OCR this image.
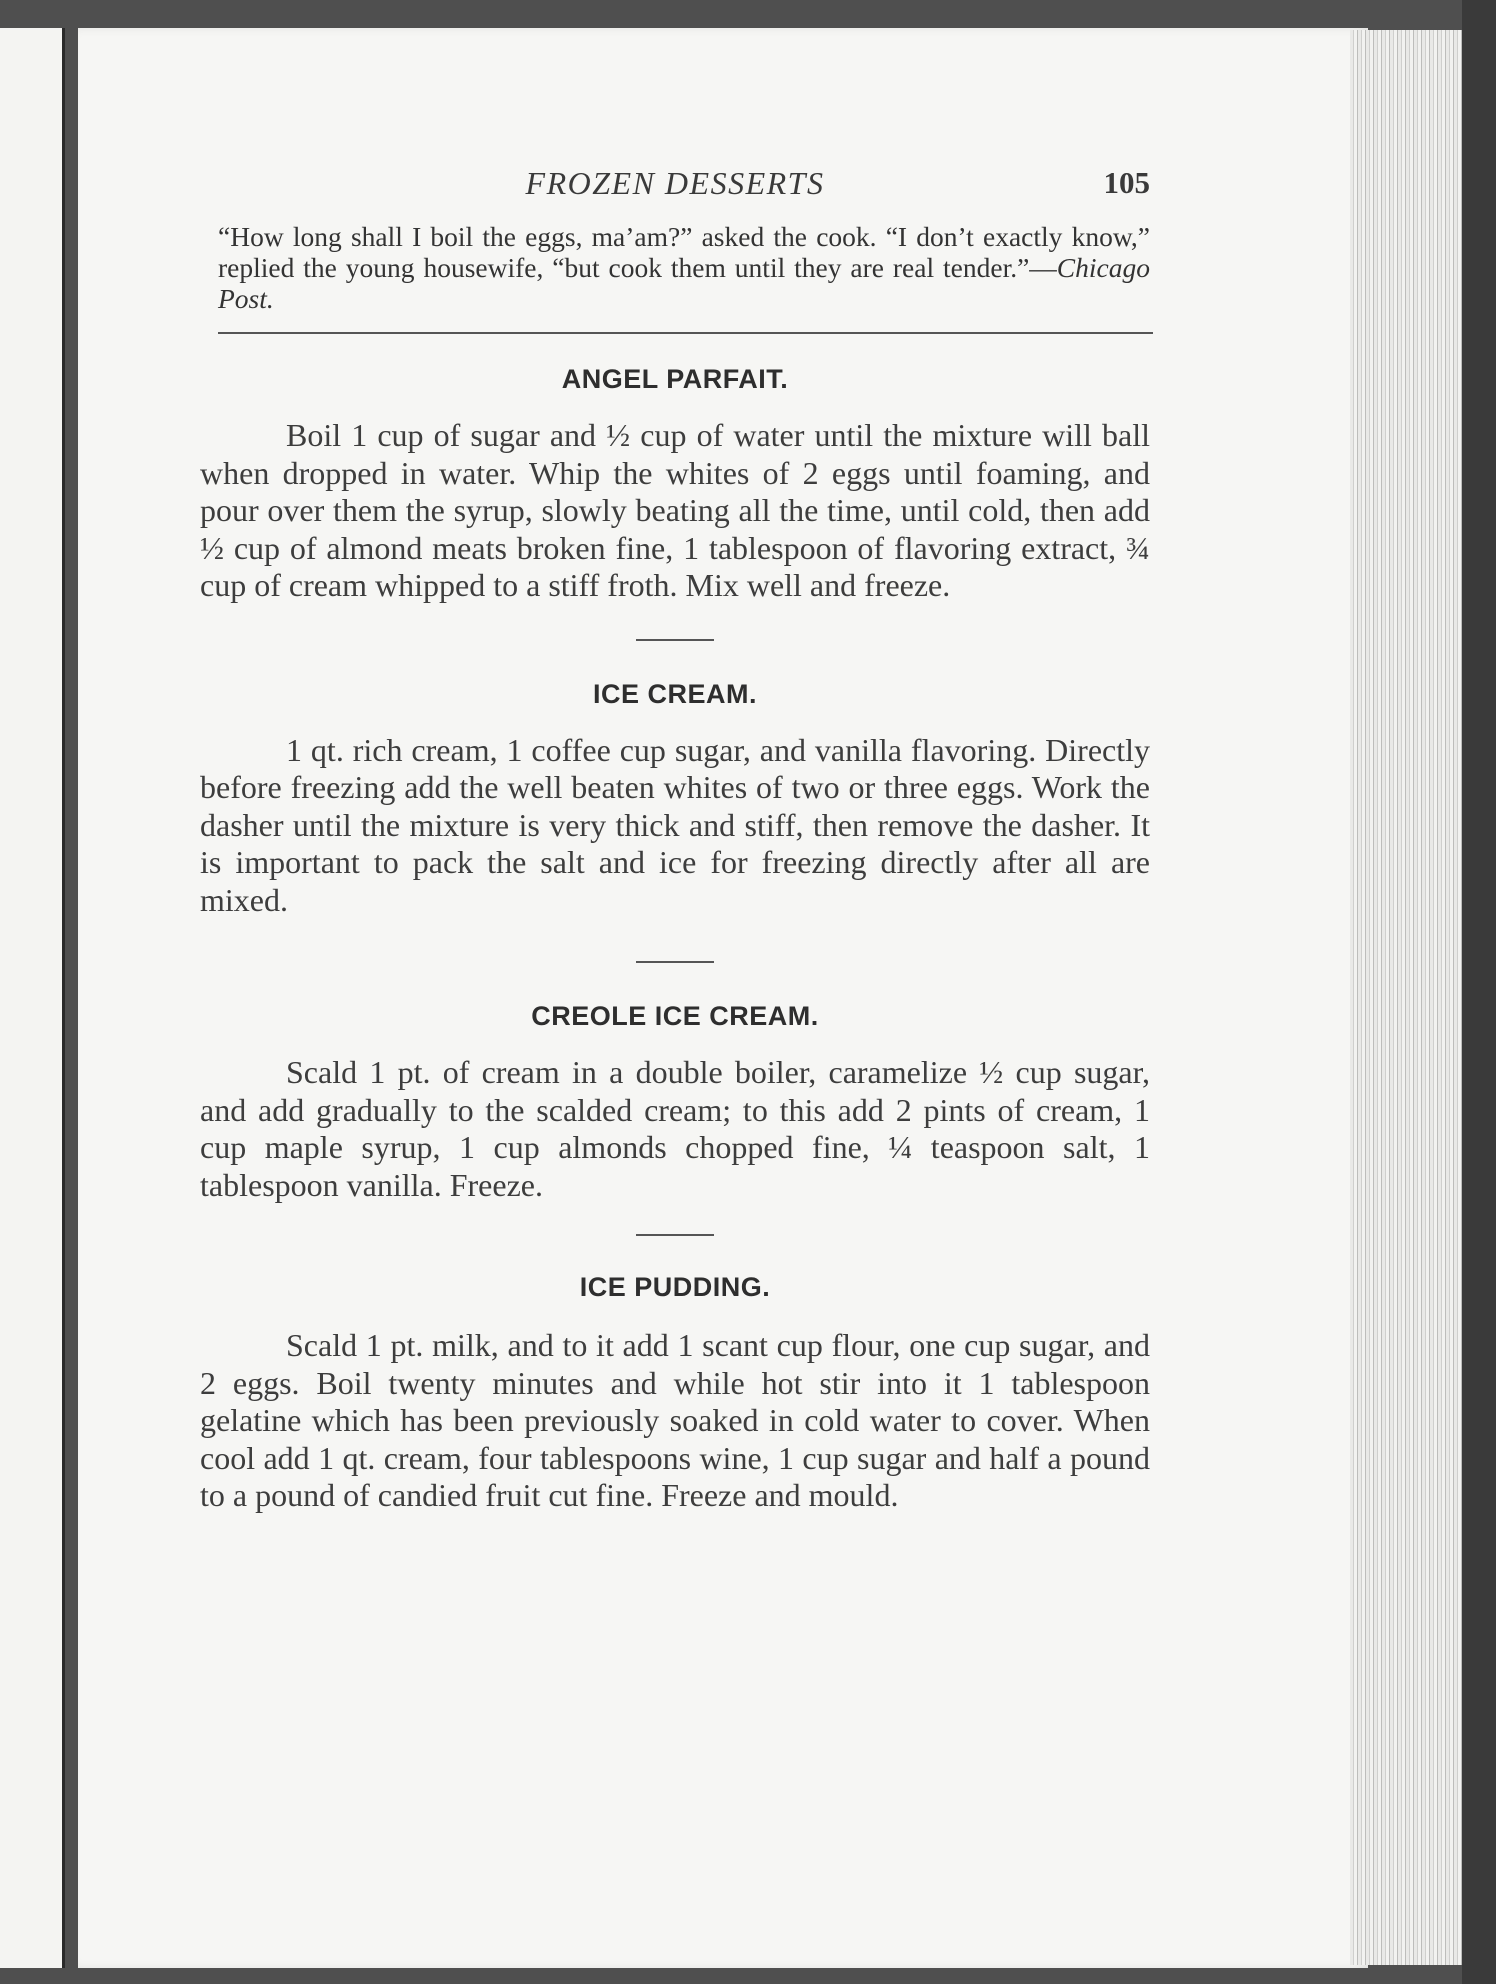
FROZEN DESSERTS	105
“How long shall I boil the eggs, ma’am?” asked the cook. “I don’t exactly know,” replied the young housewife, “but cook them until they are real tender.”—Chicago Post.
ANGEL PARFAIT.
Boil 1 cup of sugar and ½ cup of water until the mixture will ball when dropped in water. Whip the whites of 2 eggs until foaming, and pour over them the syrup, slowly beating all the time, until cold, then add ½ cup of almond meats broken fine, 1 tablespoon of flavoring extract, ¾ cup of cream whipped to a stiff froth. Mix well and freeze.
ICE CREAM.
1 qt. rich cream, 1 coffee cup sugar, and vanilla flavoring. Directly before freezing add the well beaten whites of two or three eggs. Work the dasher until the mixture is very thick and stiff, then remove the dasher. It is important to pack the salt and ice for freezing directly after all are mixed.
CREOLE ICE CREAM.
Scald 1 pt. of cream in a double boiler, caramelize ½ cup sugar, and add gradually to the scalded cream; to this add 2 pints of cream, 1 cup maple syrup, 1 cup almonds chopped fine, ¼ teaspoon salt, 1 tablespoon vanilla. Freeze.
ICE PUDDING.
Scald 1 pt. milk, and to it add 1 scant cup flour, one cup sugar, and 2 eggs. Boil twenty minutes and while hot stir into it 1 tablespoon gelatine which has been previously soaked in cold water to cover. When cool add 1 qt. cream, four tablespoons wine, 1 cup sugar and half a pound to a pound of candied fruit cut fine. Freeze and mould.
